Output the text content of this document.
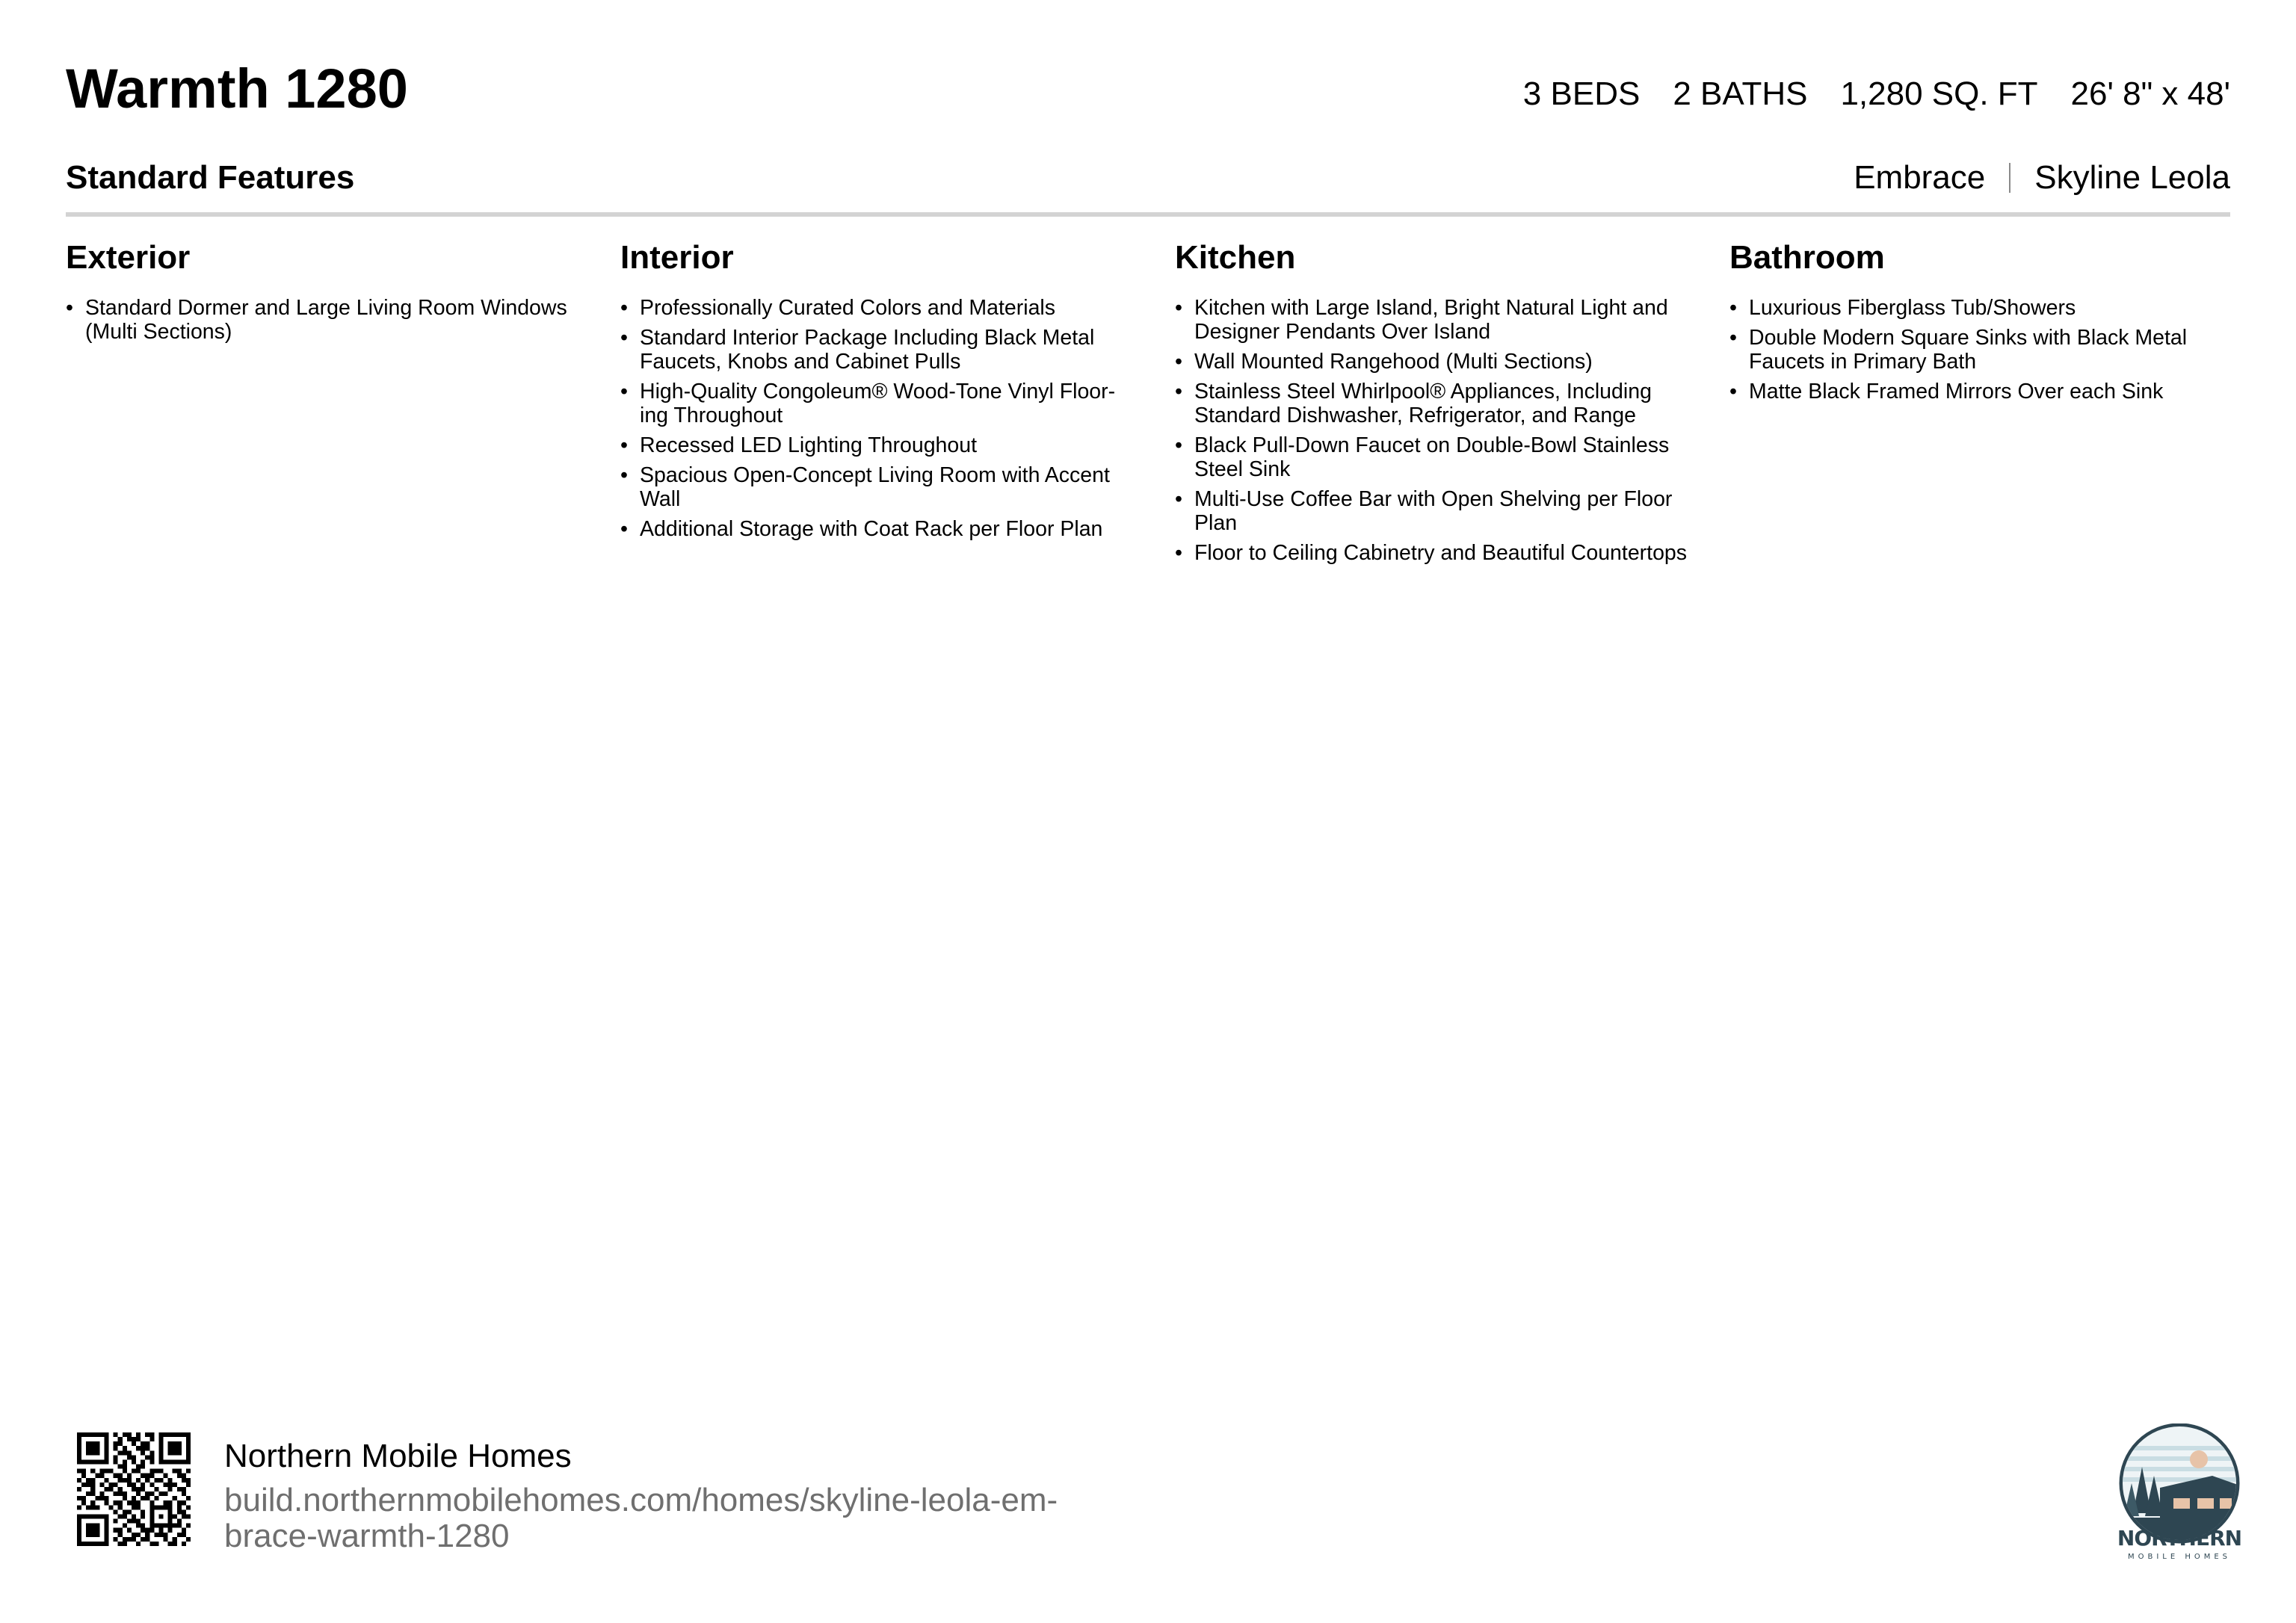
Warmth 1280	3 BEDS 2 BATHS 1,280 SQ. FT 26' 8" x 48'
Standard Features	Embrace Skyline Leola
Exterior
• Standard Dormer and Large Living Room Windows (Multi Sections)
Interior
• Professionally Curated Colors and Materials
• Standard Interior Package Including Black Metal Faucets, Knobs and Cabinet Pulls
• High-Quality Congoleum® Wood-Tone Vinyl Floor-ing Throughout
• Recessed LED Lighting Throughout
• Spacious Open-Concept Living Room with Accent Wall
• Additional Storage with Coat Rack per Floor Plan
Kitchen
• Kitchen with Large Island, Bright Natural Light and Designer Pendants Over Island
• Wall Mounted Rangehood (Multi Sections)
• Stainless Steel Whirlpool® Appliances, Including Standard Dishwasher, Refrigerator, and Range
• Black Pull-Down Faucet on Double-Bowl Stainless Steel Sink
• Multi-Use Coffee Bar with Open Shelving per Floor Plan
• Floor to Ceiling Cabinetry and Beautiful Countertops
Bathroom
• Luxurious Fiberglass Tub/Showers
• Double Modern Square Sinks with Black Metal Faucets in Primary Bath
• Matte Black Framed Mirrors Over each Sink
Northern Mobile Homes
build.northernmobilehomes.com/homes/skyline-leola-em-brace-warmth-1280	NORTHERN
MOBILE HOMES
